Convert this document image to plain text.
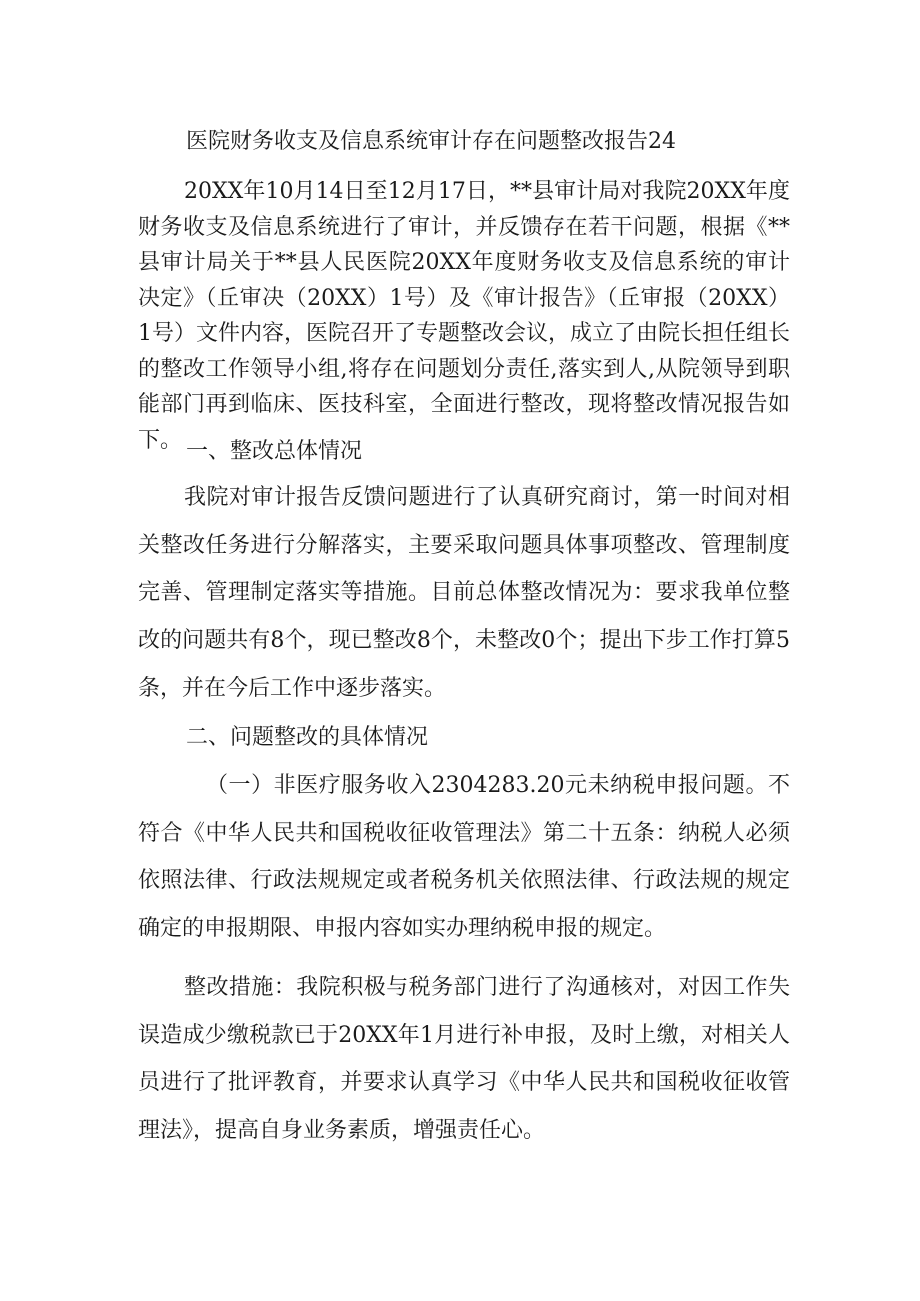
医院财务收支及信息系统审计存在问题整改报告24

20XX年10月14日至12月17日，**县审计局对我院20XX年度财务收支及信息系统进行了审计，并反馈存在若干问题，根据《**县审计局关于**县人民医院20XX年度财务收支及信息系统的审计决定》（丘审决（20XX）1号）及《审计报告》（丘审报（20XX）1号）文件内容，医院召开了专题整改会议，成立了由院长担任组长的整改工作领导小组,将存在问题划分责任,落实到人,从院领导到职能部门再到临床、医技科室，全面进行整改，现将整改情况报告如下。 一、整改总体情况

我院对审计报告反馈问题进行了认真研究商讨，第一时间对相关整改任务进行分解落实，主要采取问题具体事项整改、管理制度完善、管理制定落实等措施。目前总体整改情况为：要求我单位整改的问题共有8个，现已整改8个，未整改0个；提出下步工作打算5条，并在今后工作中逐步落实。

二、问题整改的具体情况

（一）非医疗服务收入2304283.20元未纳税申报问题。不符合《中华人民共和国税收征收管理法》第二十五条：纳税人必须依照法律、行政法规规定或者税务机关依照法律、行政法规的规定确定的申报期限、申报内容如实办理纳税申报的规定。

整改措施：我院积极与税务部门进行了沟通核对，对因工作失误造成少缴税款已于20XX年1月进行补申报，及时上缴，对相关人员进行了批评教育，并要求认真学习《中华人民共和国税收征收管理法》，提高自身业务素质，增强责任心。
